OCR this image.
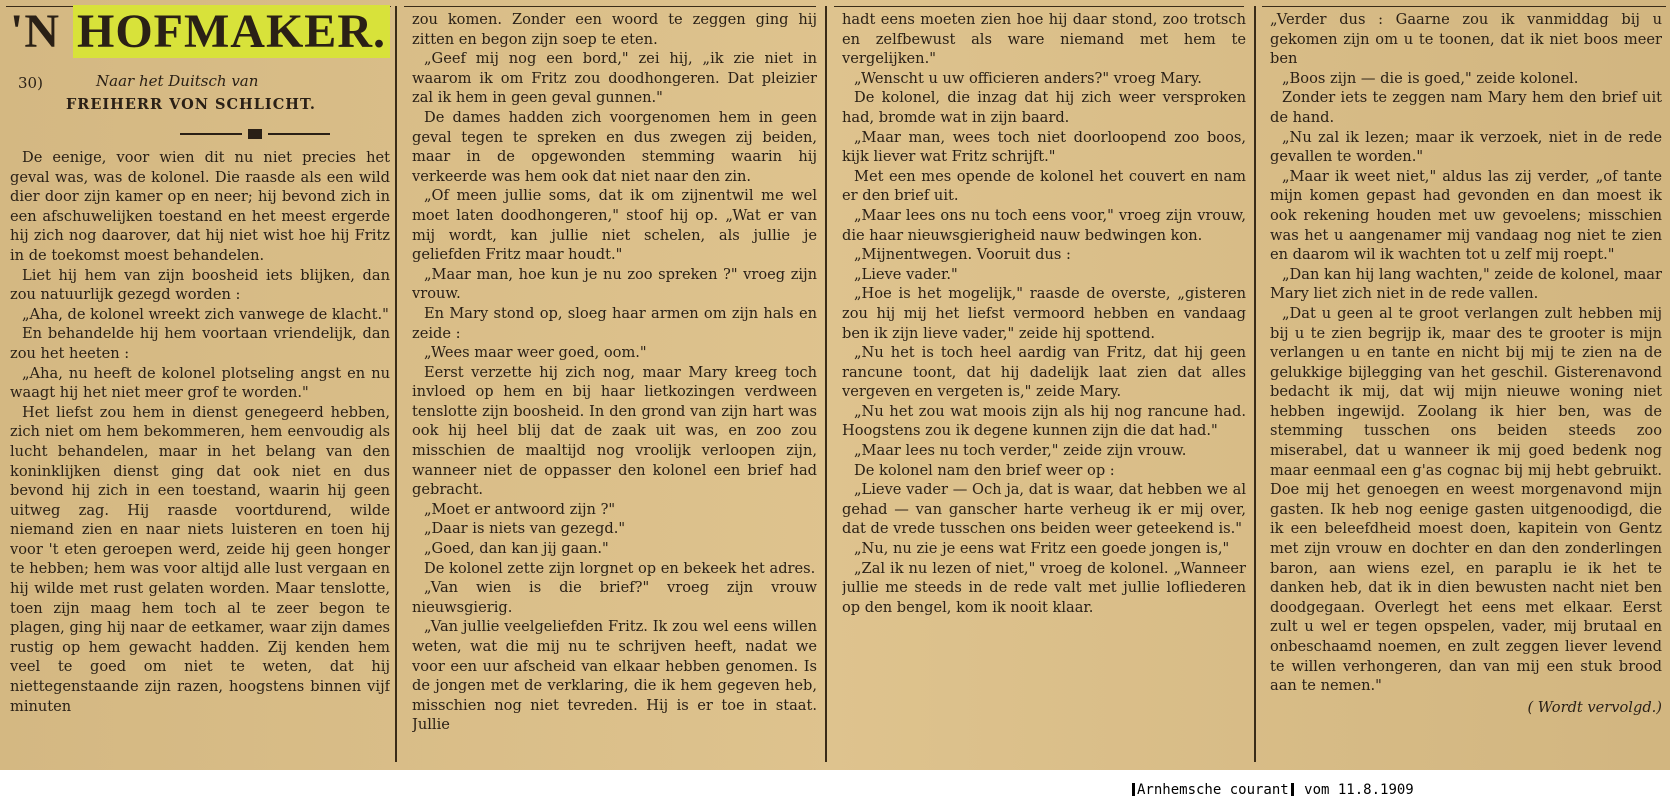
'N HOFMAKER.
30)	Naar het Duitsch van
FREIHERR VON SCHLICHT.

De eenige, voor wien dit nu niet precies het geval was, was de kolonel. Die raasde als een wild dier door zijn kamer op en neer; hij bevond zich in een afschuwelijken toestand en het meest ergerde hij zich nog daarover, dat hij niet wist hoe hij Fritz in de toekomst moest behandelen.

Liet hij hem van zijn boosheid iets blijken, dan zou natuurlijk gezegd worden :

„Aha, de kolonel wreekt zich vanwege de klacht."

En behandelde hij hem voortaan vriendelijk, dan zou het heeten :

„Aha, nu heeft de kolonel plotseling angst en nu waagt hij het niet meer grof te worden."

Het liefst zou hem in dienst genegeerd hebben, zich niet om hem bekommeren, hem eenvoudig als lucht behandelen, maar in het belang van den koninklijken dienst ging dat ook niet en dus bevond hij zich in een toestand, waarin hij geen uitweg zag. Hij raasde voortdurend, wilde niemand zien en naar niets luisteren en toen hij voor 't eten geroepen werd, zeide hij geen honger te hebben; hem was voor altijd alle lust vergaan en hij wilde met rust gelaten worden. Maar tenslotte, toen zijn maag hem toch al te zeer begon te plagen, ging hij naar de eetkamer, waar zijn dames rustig op hem gewacht hadden. Zij kenden hem veel te goed om niet te weten, dat hij niettegenstaande zijn razen, hoogstens binnen vijf minuten

zou komen. Zonder een woord te zeggen ging hij zitten en begon zijn soep te eten.

„Geef mij nog een bord," zei hij, „ik zie niet in waarom ik om Fritz zou doodhongeren. Dat pleizier zal ik hem in geen geval gunnen."

De dames hadden zich voorgenomen hem in geen geval tegen te spreken en dus zwegen zij beiden, maar in de opgewonden stemming waarin hij verkeerde was hem ook dat niet naar den zin.

„Of meen jullie soms, dat ik om zijnentwil me wel moet laten doodhongeren," stoof hij op. „Wat er van mij wordt, kan jullie niet schelen, als jullie je geliefden Fritz maar houdt."

„Maar man, hoe kun je nu zoo spreken ?" vroeg zijn vrouw.

En Mary stond op, sloeg haar armen om zijn hals en zeide :

„Wees maar weer goed, oom."

Eerst verzette hij zich nog, maar Mary kreeg toch invloed op hem en bij haar lietkozingen verdween tenslotte zijn boosheid. In den grond van zijn hart was ook hij heel blij dat de zaak uit was, en zoo zou misschien de maaltijd nog vroolijk verloopen zijn, wanneer niet de oppasser den kolonel een brief had gebracht.

„Moet er antwoord zijn ?"

„Daar is niets van gezegd."

„Goed, dan kan jij gaan."

De kolonel zette zijn lorgnet op en bekeek het adres.

„Van wien is die brief?" vroeg zijn vrouw nieuwsgierig.

„Van jullie veelgeliefden Fritz. Ik zou wel eens willen weten, wat die mij nu te schrijven heeft, nadat we voor een uur afscheid van elkaar hebben genomen. Is de jongen met de verklaring, die ik hem gegeven heb, misschien nog niet tevreden. Hij is er toe in staat. Jullie

hadt eens moeten zien hoe hij daar stond, zoo trotsch en zelfbewust als ware niemand met hem te vergelijken."

„Wenscht u uw officieren anders?" vroeg Mary.

De kolonel, die inzag dat hij zich weer versproken had, bromde wat in zijn baard.

„Maar man, wees toch niet doorloopend zoo boos, kijk liever wat Fritz schrijft."

Met een mes opende de kolonel het couvert en nam er den brief uit.

„Maar lees ons nu toch eens voor," vroeg zijn vrouw, die haar nieuwsgierigheid nauw bedwingen kon.

„Mijnentwegen. Vooruit dus :

„Lieve vader."

„Hoe is het mogelijk," raasde de overste, „gisteren zou hij mij het liefst vermoord hebben en vandaag ben ik zijn lieve vader," zeide hij spottend.

„Nu het is toch heel aardig van Fritz, dat hij geen rancune toont, dat hij dadelijk laat zien dat alles vergeven en vergeten is," zeide Mary.

„Nu het zou wat moois zijn als hij nog rancune had. Hoogstens zou ik degene kunnen zijn die dat had."

„Maar lees nu toch verder," zeide zijn vrouw.

De kolonel nam den brief weer op :

„Lieve vader — Och ja, dat is waar, dat hebben we al gehad — van ganscher harte verheug ik er mij over, dat de vrede tusschen ons beiden weer geteekend is."

„Nu, nu zie je eens wat Fritz een goede jongen is,"

„Zal ik nu lezen of niet," vroeg de kolonel. „Wanneer jullie me steeds in de rede valt met jullie lofliederen op den bengel, kom ik nooit klaar.

„Verder dus : Gaarne zou ik vanmiddag bij u gekomen zijn om u te toonen, dat ik niet boos meer ben

„Boos zijn — die is goed," zeide kolonel.

Zonder iets te zeggen nam Mary hem den brief uit de hand.

„Nu zal ik lezen; maar ik verzoek, niet in de rede gevallen te worden."

„Maar ik weet niet," aldus las zij verder, „of tante mijn komen gepast had gevonden en dan moest ik ook rekening houden met uw gevoelens; misschien was het u aangenamer mij vandaag nog niet te zien en daarom wil ik wachten tot u zelf mij roept."

„Dan kan hij lang wachten," zeide de kolonel, maar Mary liet zich niet in de rede vallen.

„Dat u geen al te groot verlangen zult hebben mij bij u te zien begrijp ik, maar des te grooter is mijn verlangen u en tante en nicht bij mij te zien na de gelukkige bijlegging van het geschil. Gisterenavond bedacht ik mij, dat wij mijn nieuwe woning niet hebben ingewijd. Zoolang ik hier ben, was de stemming tusschen ons beiden steeds zoo miserabel, dat u wanneer ik mij goed bedenk nog maar eenmaal een g'as cognac bij mij hebt gebruikt. Doe mij het genoegen en weest morgenavond mijn gasten. Ik heb nog eenige gasten uitgenoodigd, die ik een beleefdheid moest doen, kapitein von Gentz met zijn vrouw en dochter en dan den zonderlingen baron, aan wiens ezel, en paraplu ie ik het te danken heb, dat ik in dien bewusten nacht niet ben doodgegaan. Overlegt het eens met elkaar. Eerst zult u wel er tegen opspelen, vader, mij brutaal en onbeschaamd noemen, en zult zeggen liever levend te willen verhongeren, dan van mij een stuk brood aan te nemen."

( Wordt vervolgd.)
Arnhemsche courant vom 11.8.1909
